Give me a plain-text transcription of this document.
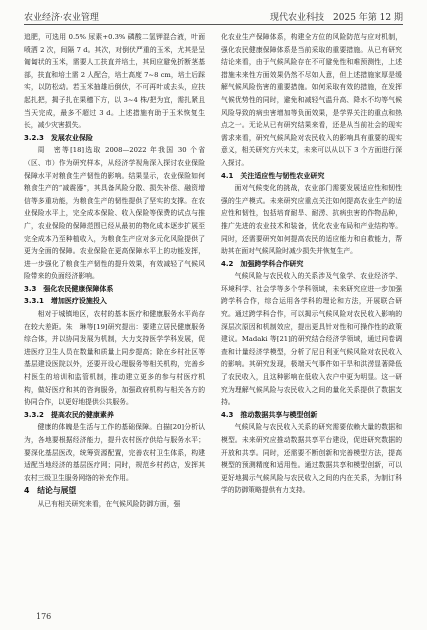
农业经济·农业管理	现代农业科技　2025 年第 12 期

追肥，可选用 0.5% 尿素+0.3% 磷酸二氢钾混合液，叶面喷洒 2 次，间隔 7 d。其次，对倒伏严重的玉米，尤其是呈匍匐状的玉米，需要人工扶直并培土，其间应避免折断茎基部，扶直和培土需 2 人配合，培土高度 7~8 cm，培土后踩实，以防松动。若玉米抽雄后倒伏，不可再叶或去头，应扶起扎把，揭子扎在果穗下方，以 3~4 株/把为宜，需扎紧且当天完成，最多不超过 3 d。上述措施有助于玉米恢复生长，减少灾害损失。

3.2.3　发展农业保险

周　密等[18]选取 2008—2022 年我国 30 个省（区、市）作为研究样本，从经济学视角深入探讨农业保险保障水平对粮食生产韧性的影响。结果显示，农业保险如何粮食生产的“减震器”，其具备风险分散、损失补偿、融资增信等多重功能，为粮食生产的韧性提供了坚实的支撑。在农业保险水平上，完全成本保险、收入保险等保费的试点与推广，农业保险的保障范围已经从最初的物化成本逐步扩展至完全成本乃至种植收入，为粮食生产应对多元化风险提供了更为全面的保障。农业保险在更高保障水平上的功能发挥，进一步强化了粮食生产韧性的提升效果，有效减轻了气候风险带来的负面经济影响。

3.3　强化农民健康保障体系
3.3.1　增加医疗设施投入

相对于城镇地区，农村的基本医疗和健康服务水平尚存在较大差距。朱　琳等[19]研究提出：要建立居民健康服务综合体，并以协同发展为机制，大力支持医学学科发展，促进医疗卫生人员在数量和质量上同步提高；除在乡村社区等基层建设医院以外，还要开设心理服务等相关机构，完善乡村医生的培训和监管机制，推动建立更多的参与村医疗机构，做好医疗和其的咨询服务，加强政府机构与相关各方的协同合作，以更好地提供公共服务。

3.3.2　提高农民的健康素养

健康的体魄是生活与工作的基础保障。白描[20]分析认为，各地要根据经济能力，提升农村医疗供给与服务水平；要深化基层医改，统筹资源配置，完善农村卫生体系，构建适配当地经济的基层医疗网；同时，规范乡村药店，发挥其农村三级卫生服务网络的补充作用。

4　结论与展望

从已有相关研究来看，在气候风险防御方面，强

化农业生产保障体系，构建全方位的风险防范与应对机制，强化农民健康保障体系是当前采取的重要措施。从已有研究结论来看，由于气候风险存在不可避免性和难预测性，上述措施未来性方面效果仍然不尽如人意，但上述措施家厚是缓解气候风险伤害的重要措施。如何采取有效的措施，在发挥气候优势性的同时，避免和减轻气温升高、降水不均等气候风险导致的病虫害增加等负面效果，是学界关注的重点和热点之一。无论从已有研究结果来看，还是从当前社会的现实需求来看，研究气候风险对农民收入的影响具有重要的现实意义，相关研究方兴未艾，未来可以从以下 3 个方面进行深入探讨。

4.1　关注适应性与韧性农业研究

面对气候变化的挑战，农业部门需要发展适应性和韧性强的生产模式。未来研究应重点关注如何提高农业生产的适应性和韧性，包括培育耐旱、耐涝、抗病虫害的作物品种，推广先进的农业技术和装备，优化农业布局和产业结构等。同时，还需要研究如何提高农民的适应能力和自救能力，帮助其在面对气候风险时减少损失并恢复生产。

4.2　加强跨学科合作研究

气候风险与农民收入的关系涉及气象学、农业经济学、环境科学、社会学等多个学科领域，未来研究应进一步加强跨学科合作，综合运用各学科的理论和方法，开展联合研究。通过跨学科合作，可以揭示气候风险对农民收入影响的深层次原因和机制效应，提出更具针对性和可操作性的政策建议。Madaki 等[21]的研究结合经济学领域，通过问卷调查和计量经济学模型，分析了尼日利亚气候风险对农民收入的影响。其研究发现，极端天气事件如干旱和洪涝显著降低了农民收入，且这种影响在低收入农户中更为明显。这一研究为理解气候风险与农民收入之间的量化关系提供了数据支持。

4.3　推动数据共享与模型创新

气候风险与农民收入关系的研究需要依赖大量的数据和模型。未来研究应推动数据共享平台建设，促进研究数据的开放和共享。同时，还需要不断创新和完善模型方法，提高模型的预测精度和适用性。通过数据共享和模型创新，可以更好地揭示气候风险与农民收入之间的内在关系，为制订科学的防御策略提供有力支持。

176
